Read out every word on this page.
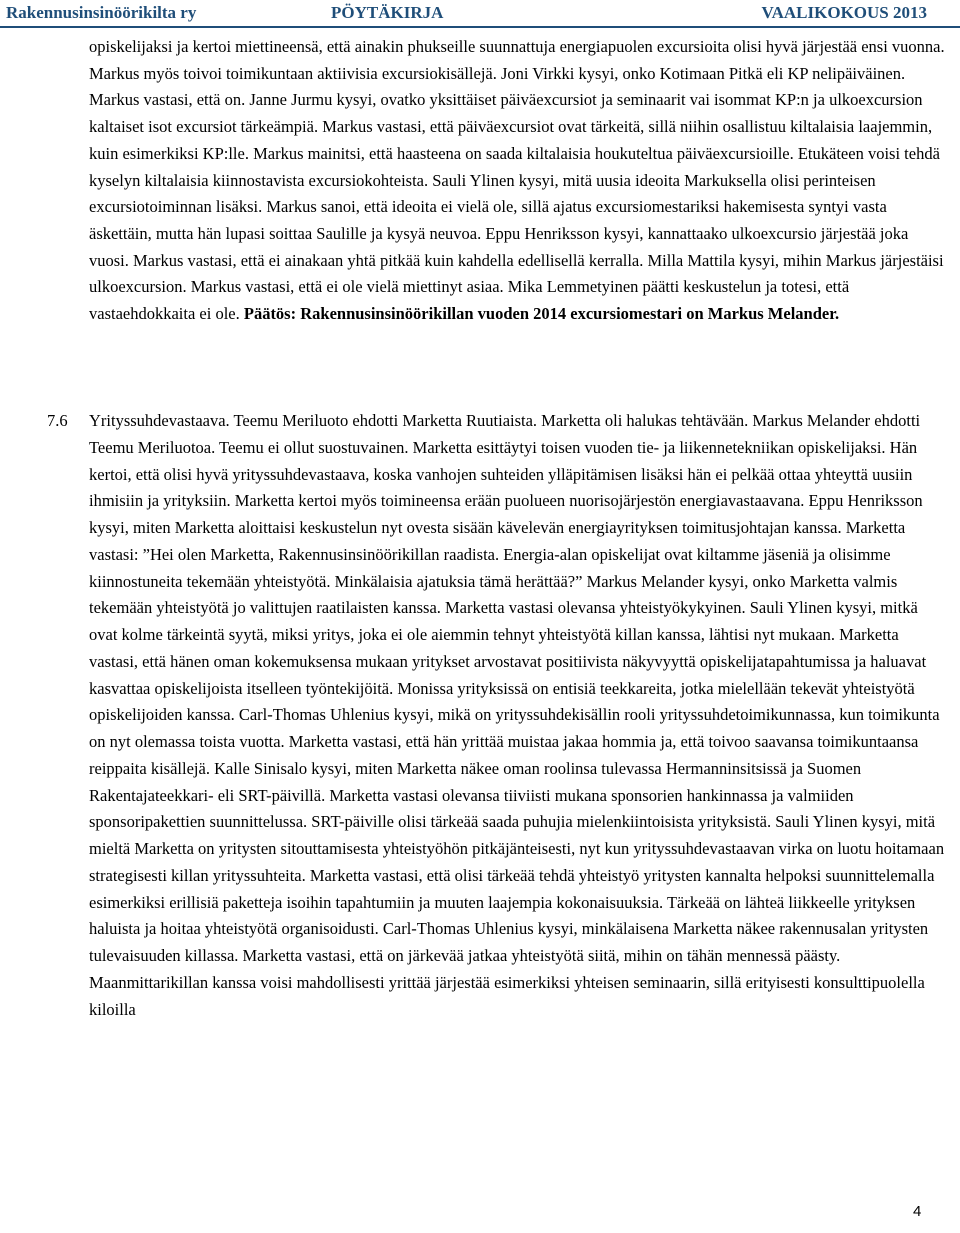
Rakennusinsinöörikilta ry	PÖYTÄKIRJA	VAALIKOKOUS 2013

opiskelijaksi ja kertoi miettineensä, että ainakin phukseille suunnattuja energiapuolen excursioita olisi hyvä järjestää ensi vuonna. Markus myös toivoi toimikuntaan aktiivisia excursiokisällejä. Joni Virkki kysyi, onko Kotimaan Pitkä eli KP nelipäiväinen. Markus vastasi, että on. Janne Jurmu kysyi, ovatko yksittäiset päiväexcursiot ja seminaarit vai isommat KP:n ja ulkoexcursion kaltaiset isot excursiot tärkeämpiä. Markus vastasi, että päiväexcursiot ovat tärkeitä, sillä niihin osallistuu kiltalaisia laajemmin, kuin esimerkiksi KP:lle. Markus mainitsi, että haasteena on saada kiltalaisia houkuteltua päiväexcursioille. Etukäteen voisi tehdä kyselyn kiltalaisia kiinnostavista excursiokohteista. Sauli Ylinen kysyi, mitä uusia ideoita Markuksella olisi perinteisen excursiotoiminnan lisäksi. Markus sanoi, että ideoita ei vielä ole, sillä ajatus excursiomestariksi hakemisesta syntyi vasta äskettäin, mutta hän lupasi soittaa Saulille ja kysyä neuvoa. Eppu Henriksson kysyi, kannattaako ulkoexcursio järjestää joka vuosi. Markus vastasi, että ei ainakaan yhtä pitkää kuin kahdella edellisellä kerralla. Milla Mattila kysyi, mihin Markus järjestäisi ulkoexcursion. Markus vastasi, että ei ole vielä miettinyt asiaa. Mika Lemmetyinen päätti keskustelun ja totesi, että vastaehdokkaita ei ole. Päätös: Rakennusinsinöörikillan vuoden 2014 excursiomestari on Markus Melander.

7.6 Yrityssuhdevastaava. Teemu Meriluoto ehdotti Marketta Ruutiaista. Marketta oli halukas tehtävään. Markus Melander ehdotti Teemu Meriluotoa. Teemu ei ollut suostuvainen. Marketta esittäytyi toisen vuoden tie- ja liikennetekniikan opiskelijaksi. Hän kertoi, että olisi hyvä yrityssuhdevastaava, koska vanhojen suhteiden ylläpitämisen lisäksi hän ei pelkää ottaa yhteyttä uusiin ihmisiin ja yrityksiin. Marketta kertoi myös toimineensa erään puolueen nuorisojärjestön energiavastaavana. Eppu Henriksson kysyi, miten Marketta aloittaisi keskustelun nyt ovesta sisään kävelevän energiayrityksen toimitusjohtajan kanssa. Marketta vastasi: ”Hei olen Marketta, Rakennusinsinöörikillan raadista. Energia-alan opiskelijat ovat kiltamme jäseniä ja olisimme kiinnostuneita tekemään yhteistyötä. Minkälaisia ajatuksia tämä herättää?” Markus Melander kysyi, onko Marketta valmis tekemään yhteistyötä jo valittujen raatilaisten kanssa. Marketta vastasi olevansa yhteistyökykyinen. Sauli Ylinen kysyi, mitkä ovat kolme tärkeintä syytä, miksi yritys, joka ei ole aiemmin tehnyt yhteistyötä killan kanssa, lähtisi nyt mukaan. Marketta vastasi, että hänen oman kokemuksensa mukaan yritykset arvostavat positiivista näkyvyyttä opiskelijatapahtumissa ja haluavat kasvattaa opiskelijoista itselleen työntekijöitä. Monissa yrityksissä on entisiä teekkareita, jotka mielellään tekevät yhteistyötä opiskelijoiden kanssa. Carl-Thomas Uhlenius kysyi, mikä on yrityssuhdekisällin rooli yrityssuhdetoimikunnassa, kun toimikunta on nyt olemassa toista vuotta. Marketta vastasi, että hän yrittää muistaa jakaa hommia ja, että toivoo saavansa toimikuntaansa reippaita kisällejä. Kalle Sinisalo kysyi, miten Marketta näkee oman roolinsa tulevassa Hermanninsitsissä ja Suomen Rakentajateekkari- eli SRT-päivillä. Marketta vastasi olevansa tiiviisti mukana sponsorien hankinnassa ja valmiiden sponsoripakettien suunnittelussa. SRT-päiville olisi tärkeää saada puhujia mielenkiintoisista yrityksistä. Sauli Ylinen kysyi, mitä mieltä Marketta on yritysten sitouttamisesta yhteistyöhön pitkäjänteisesti, nyt kun yrityssuhdevastaavan virka on luotu hoitamaan strategisesti killan yrityssuhteita. Marketta vastasi, että olisi tärkeää tehdä yhteistyö yritysten kannalta helpoksi suunnittelemalla esimerkiksi erillisiä paketteja isoihin tapahtumiin ja muuten laajempia kokonaisuuksia. Tärkeää on lähteä liikkeelle yrityksen haluista ja hoitaa yhteistyötä organisoidusti. Carl-Thomas Uhlenius kysyi, minkälaisena Marketta näkee rakennusalan yritysten tulevaisuuden killassa. Marketta vastasi, että on järkevää jatkaa yhteistyötä siitä, mihin on tähän mennessä päästy. Maanmittarikillan kanssa voisi mahdollisesti yrittää järjestää esimerkiksi yhteisen seminaarin, sillä erityisesti konsulttipuolella kiloilla

4
